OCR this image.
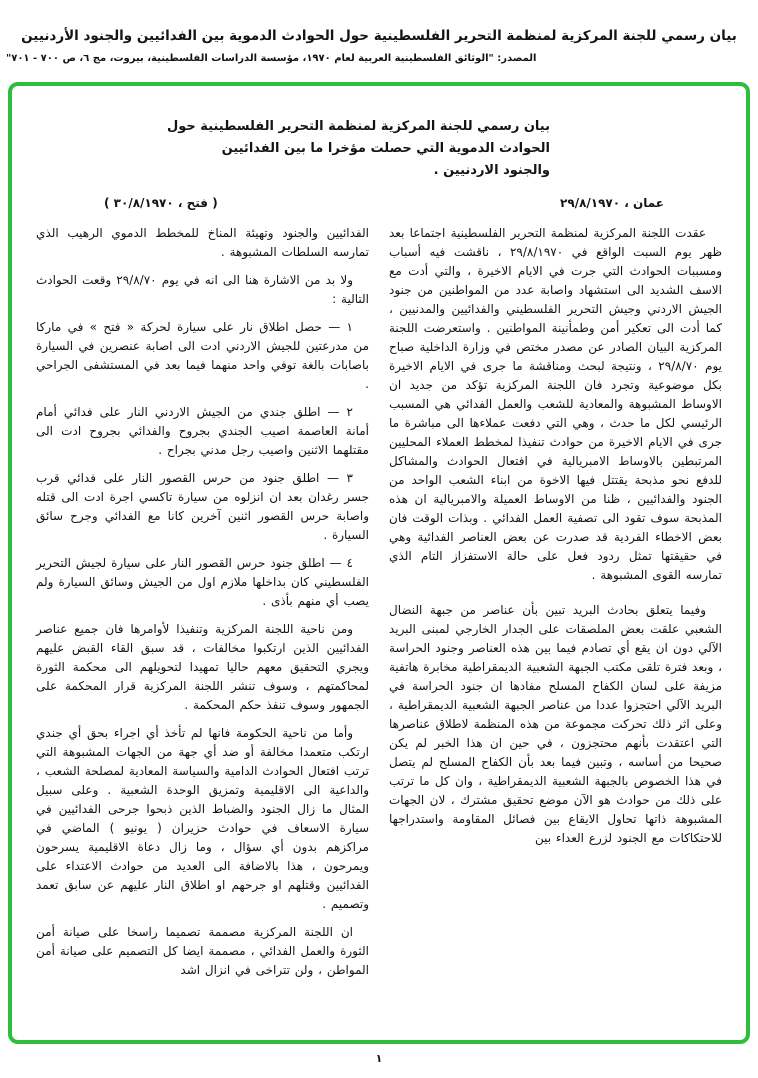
بيان رسمي للجنة المركزية لمنظمة التحرير الفلسطينية حول الحوادث الدموية بين الفدائيين والجنود الأردنيين
المصدر: "الوثائق الفلسطينية العربية لعام ١٩٧٠، مؤسسة الدراسات الفلسطينية، بيروت، مج ٦، ص ٧٠٠ - ٧٠١"
بيان رسمي للجنة المركزية لمنظمة التحرير الفلسطينية حول
الحوادث الدموية التي حصلت مؤخرا ما بين الفدائيين
والجنود الاردنيين .
عمان ، ٢٩/٨/١٩٧٠
( فتح ، ٣٠/٨/١٩٧٠ )

عقدت اللجنة المركزية لمنظمة التحرير الفلسطينية اجتماعا بعد ظهر يوم السبت الواقع في ٢٩/٨/١٩٧٠ ، ناقشت فيه أسباب ومسببات الحوادث التي جرت في الايام الاخيرة ، والتي أدت مع الاسف الشديد الى استشهاد واصابة عدد من المواطنين من جنود الجيش الاردني وجيش التحرير الفلسطيني والفدائيين والمدنيين ، كما أدت الى تعكير أمن وطمأنينة المواطنين . واستعرضت اللجنة المركزية البيان الصادر عن مصدر مختص في وزارة الداخلية صباح يوم ٢٩/٨/٧٠ ، ونتيجة لبحث ومناقشة ما جرى في الايام الاخيرة بكل موضوعية وتجرد فان اللجنة المركزية تؤكد من جديد ان الاوساط المشبوهة والمعادية للشعب والعمل الفدائي هي المسبب الرئيسي لكل ما حدث ، وهي التي دفعت عملاءها الى مباشرة ما جرى في الايام الاخيرة من حوادث تنفيذا لمخطط العملاء المحليين المرتبطين بالاوساط الامبريالية في افتعال الحوادث والمشاكل للدفع نحو مذبحة يقتتل فيها الاخوة من ابناء الشعب الواحد من الجنود والفدائيين ، ظنا من الاوساط العميلة والامبريالية ان هذه المذبحة سوف تقود الى تصفية العمل الفدائي . وبذات الوقت فان بعض الاخطاء الفردية قد صدرت عن بعض العناصر الفدائية وهي في حقيقتها تمثل ردود فعل على حالة الاستفزاز التام الذي تمارسه القوى المشبوهة .

وفيما يتعلق بحادث البريد تبين بأن عناصر من جبهة النضال الشعبي علقت بعض الملصقات على الجدار الخارجي لمبنى البريد الآلي دون ان يقع أي تصادم فيما بين هذه العناصر وجنود الحراسة ، وبعد فترة تلقى مكتب الجبهة الشعبية الديمقراطية مخابرة هاتفية مزيفة على لسان الكفاح المسلح مفادها ان جنود الحراسة في البريد الآلي احتجزوا عددا من عناصر الجبهة الشعبية الديمقراطية ، وعلى اثر ذلك تحركت مجموعة من هذه المنظمة لاطلاق عناصرها التي اعتقدت بأنهم محتجزون ، في حين ان هذا الخبر لم يكن صحيحا من أساسه ، وتبين فيما بعد بأن الكفاح المسلح لم يتصل في هذا الخصوص بالجبهة الشعبية الديمقراطية ، وان كل ما ترتب على ذلك من حوادث هو الآن موضع تحقيق مشترك ، لان الجهات المشبوهة ذاتها تحاول الايقاع بين فصائل المقاومة واستدراجها للاحتكاكات مع الجنود لزرع العداء بين

الفدائيين والجنود وتهيئة المناخ للمخطط الدموي الرهيب الذي تمارسه السلطات المشبوهة .

ولا بد من الاشارة هنا الى انه في يوم ٢٩/٨/٧٠ وقعت الحوادث التالية :

١ — حصل اطلاق نار على سيارة لحركة « فتح » في ماركا من مدرعتين للجيش الاردني ادت الى اصابة عنصرين في السيارة باصابات بالغة توفي واحد منهما فيما بعد في المستشفى الجراحي .

٢ — اطلق جندي من الجيش الاردني النار على فدائي أمام أمانة العاصمة اصيب الجندي بجروح والفدائي بجروح ادت الى مقتلهما الاثنين واصيب رجل مدني بجراح .

٣ — اطلق جنود من حرس القصور النار على فدائي قرب جسر رغدان بعد ان انزلوه من سيارة تاكسي اجرة ادت الى قتله واصابة حرس القصور اثنين آخرين كانا مع الفدائي وجرح سائق السيارة .

٤ — اطلق جنود حرس القصور النار على سيارة لجيش التحرير الفلسطيني كان بداخلها ملازم اول من الجيش وسائق السيارة ولم يصب أي منهم بأذى .

ومن ناحية اللجنة المركزية وتنفيذا لأوامرها فان جميع عناصر الفدائيين الذين ارتكبوا مخالفات ، قد سبق القاء القبض عليهم ويجري التحقيق معهم حاليا تمهيدا لتحويلهم الى محكمة الثورة لمحاكمتهم ، وسوف تنشر اللجنة المركزية قرار المحكمة على الجمهور وسوف تنفذ حكم المحكمة .

وأما من ناحية الحكومة فانها لم تأخذ أي اجراء بحق أي جندي ارتكب متعمدا مخالفة أو ضد أي جهة من الجهات المشبوهة التي ترتب افتعال الحوادث الدامية والسياسة المعادية لمصلحة الشعب ، والداعية الى الاقليمية وتمزيق الوحدة الشعبية . وعلى سبيل المثال ما زال الجنود والضباط الذين ذبحوا جرحى الفدائيين في سيارة الاسعاف في حوادث حزيران ( يونيو ) الماضي في مراكزهم بدون أي سؤال ، وما زال دعاة الاقليمية يسرحون ويمرحون ، هذا بالاضافة الى العديد من حوادث الاعتداء على الفدائيين وقتلهم او جرحهم او اطلاق النار عليهم عن سابق تعمد وتصميم .

ان اللجنة المركزية مصممة تصميما راسخا على صيانة أمن الثورة والعمل الفدائي ، مصممة ايضا كل التصميم على صيانة أمن المواطن ، ولن تتراخى في انزال اشد

١
